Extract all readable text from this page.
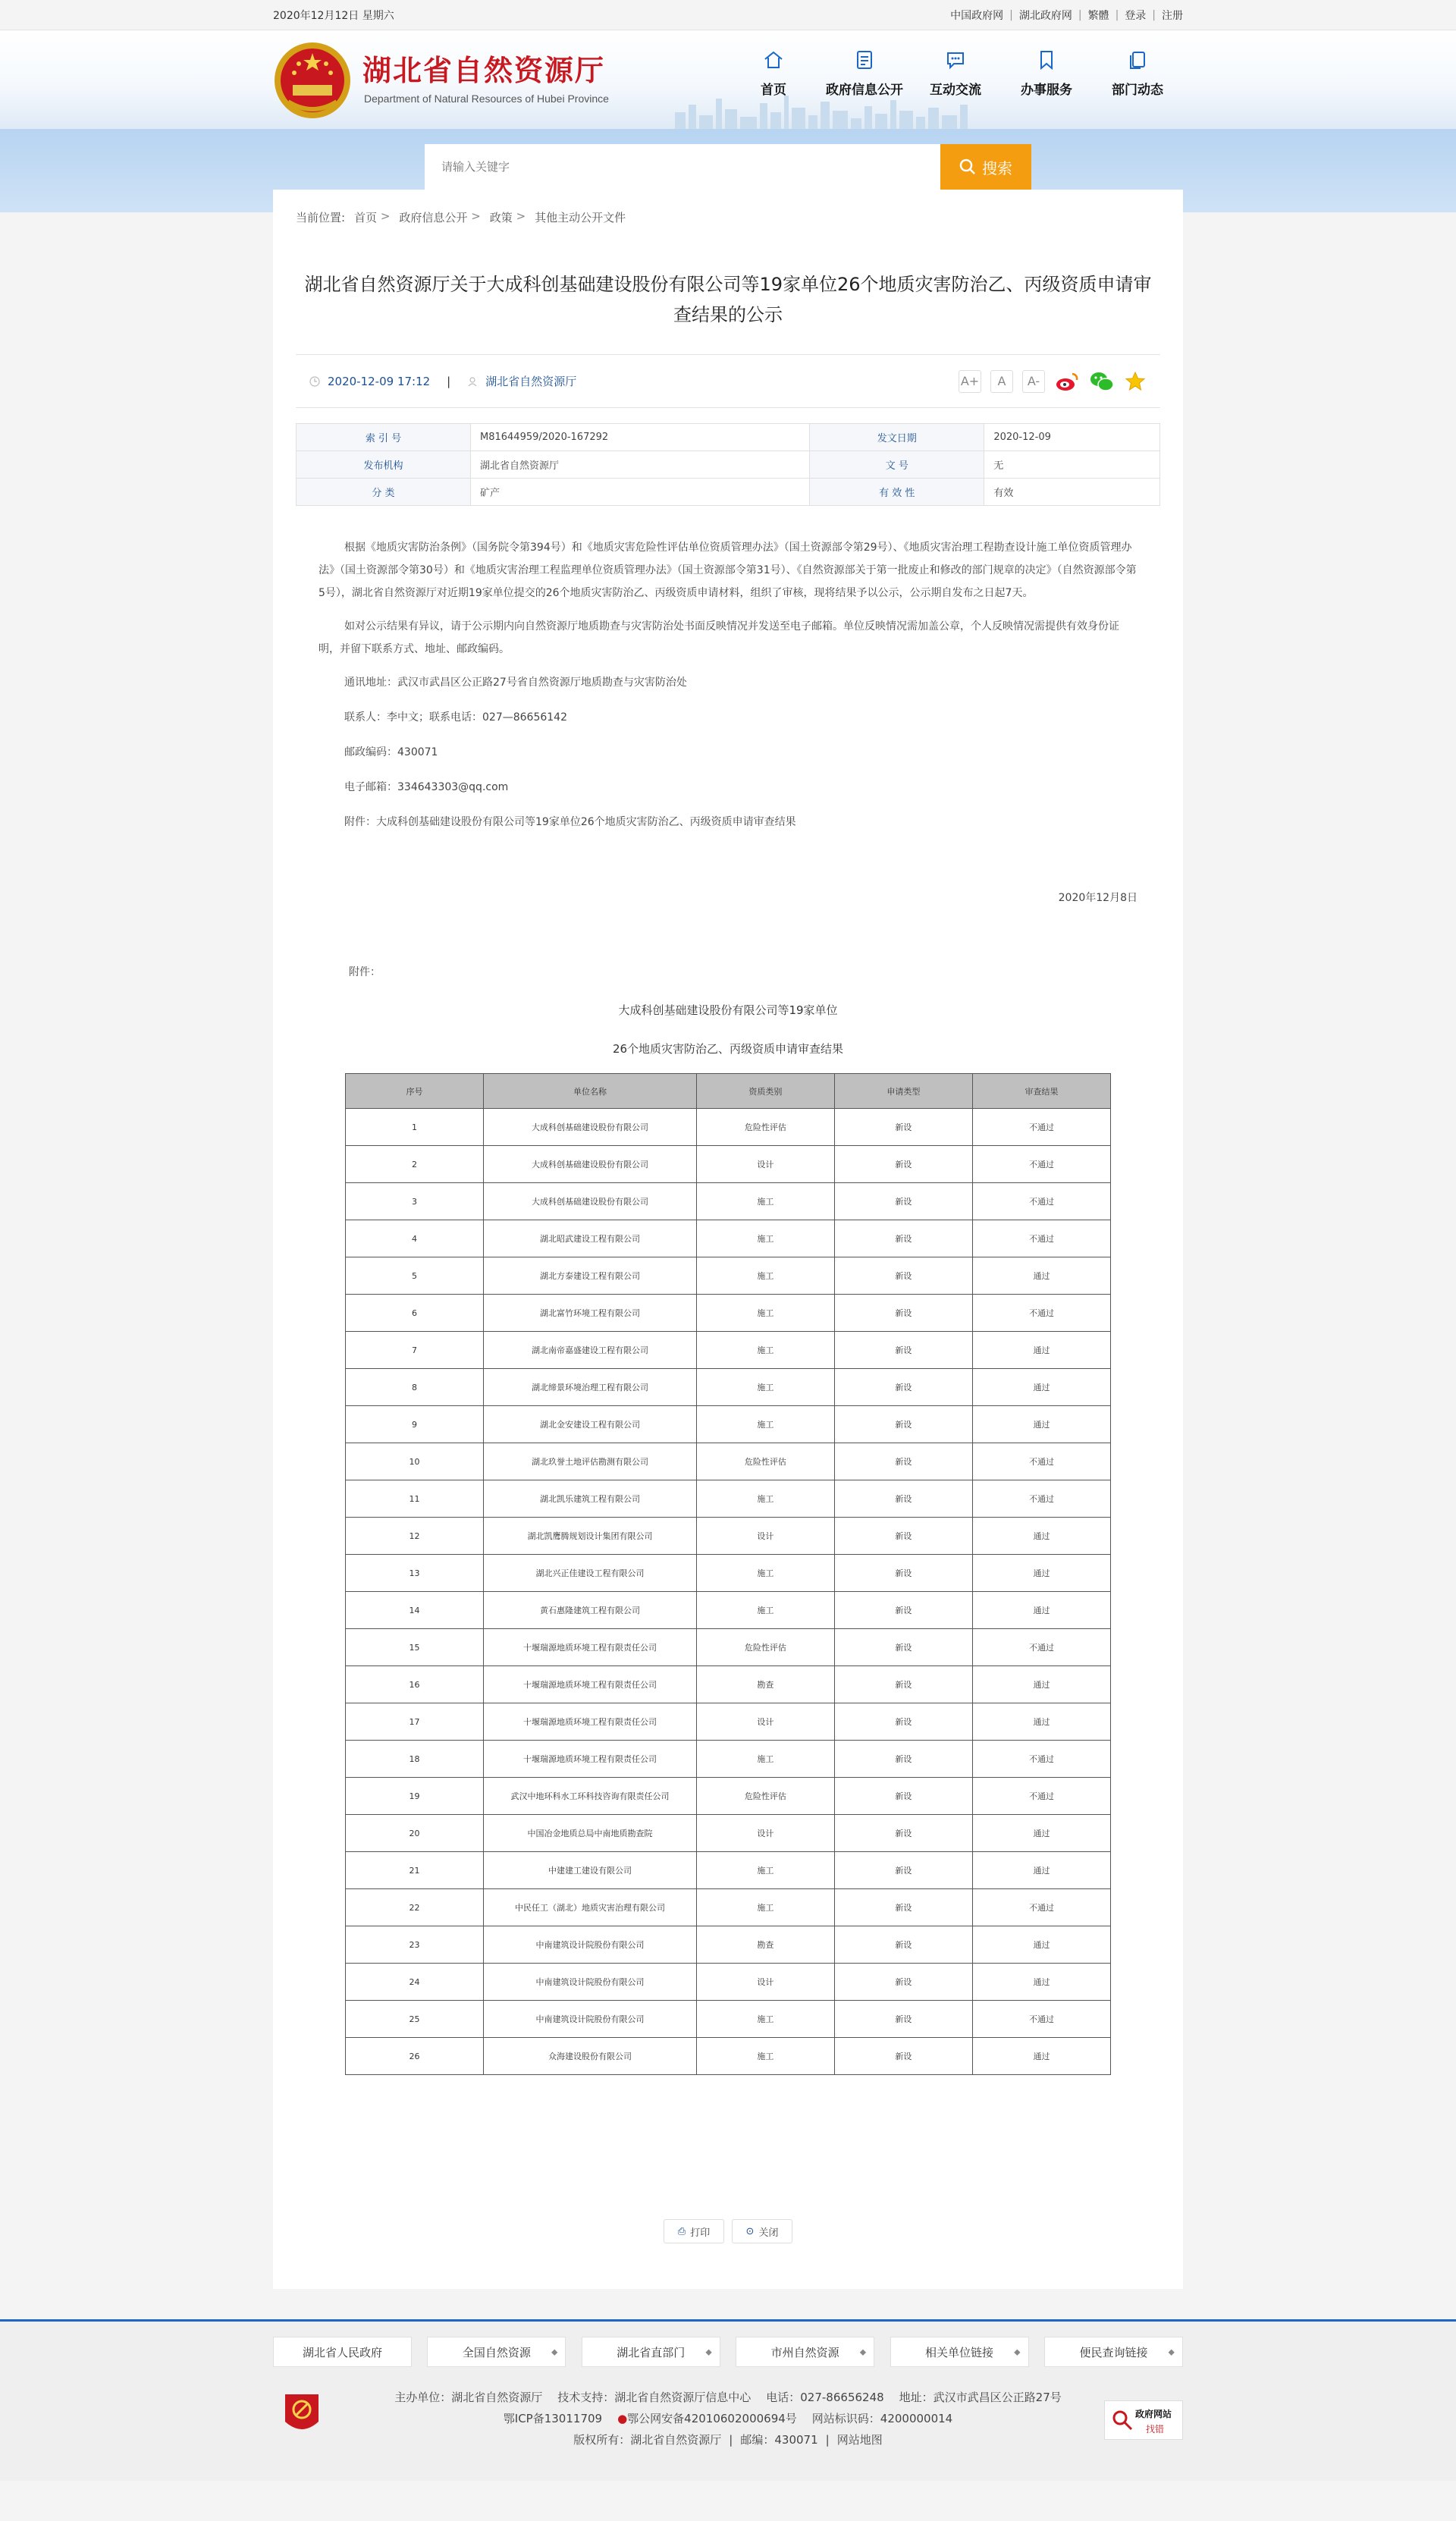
2020年12月12日 星期六	中国政府网 | 湖北政府网 | 繁體 | 登录 | 注册
湖北省自然资源厅
Department of Natural Resources of Hubei Province
首页	政府信息公开	互动交流	办事服务	部门动态
请输入关键字
搜索
当前位置: 首页 > 政府信息公开 > 政策 > 其他主动公开文件
湖北省自然资源厅关于大成科创基础建设股份有限公司等19家单位26个地质灾害防治乙、丙级资质申请审查结果的公示
2020-12-09 17:12 |	湖北省自然资源厅	A+	A	A-
索 引 号	M81644959/2020-167292	发文日期	2020-12-09
发布机构	湖北省自然资源厅	文 号	无
分 类	矿产	有 效 性	有效

根据《地质灾害防治条例》（国务院令第394号）和《地质灾害危险性评估单位资质管理办法》（国土资源部令第29号）、《地质灾害治理工程勘查设计施工单位资质管理办法》（国土资源部令第30号）和《地质灾害治理工程监理单位资质管理办法》（国土资源部令第31号）、《自然资源部关于第一批废止和修改的部门规章的决定》（自然资源部令第5号），湖北省自然资源厅对近期19家单位提交的26个地质灾害防治乙、丙级资质申请材料，组织了审核，现将结果予以公示，公示期自发布之日起7天。

如对公示结果有异议，请于公示期内向自然资源厅地质勘查与灾害防治处书面反映情况并发送至电子邮箱。单位反映情况需加盖公章，个人反映情况需提供有效身份证明，并留下联系方式、地址、邮政编码。

通讯地址：武汉市武昌区公正路27号省自然资源厅地质勘查与灾害防治处

联系人：李中文；联系电话：027—86656142

邮政编码：430071

电子邮箱：334643303@qq.com

附件：大成科创基础建设股份有限公司等19家单位26个地质灾害防治乙、丙级资质申请审查结果

2020年12月8日
附件：
大成科创基础建设股份有限公司等19家单位
26个地质灾害防治乙、丙级资质申请审查结果
序号	单位名称	资质类别	申请类型	审查结果
1	大成科创基础建设股份有限公司	危险性评估	新设	不通过
2	大成科创基础建设股份有限公司	设计	新设	不通过
3	大成科创基础建设股份有限公司	施工	新设	不通过
4	湖北昭武建设工程有限公司	施工	新设	不通过
5	湖北方泰建设工程有限公司	施工	新设	通过
6	湖北富竹环境工程有限公司	施工	新设	不通过
7	湖北南帝嘉盛建设工程有限公司	施工	新设	通过
8	湖北缔景环境治理工程有限公司	施工	新设	通过
9	湖北金安建设工程有限公司	施工	新设	通过
10	湖北玖誉土地评估勘测有限公司	危险性评估	新设	不通过
11	湖北凯乐建筑工程有限公司	施工	新设	不通过
12	湖北凯鹰腾规划设计集团有限公司	设计	新设	通过
13	湖北兴正佳建设工程有限公司	施工	新设	通过
14	黄石惠隆建筑工程有限公司	施工	新设	通过
15	十堰瑞源地质环境工程有限责任公司	危险性评估	新设	不通过
16	十堰瑞源地质环境工程有限责任公司	勘查	新设	通过
17	十堰瑞源地质环境工程有限责任公司	设计	新设	通过
18	十堰瑞源地质环境工程有限责任公司	施工	新设	不通过
19	武汉中地环科水工环科技咨询有限责任公司	危险性评估	新设	不通过
20	中国冶金地质总局中南地质勘查院	设计	新设	通过
21	中建建工建设有限公司	施工	新设	通过
22	中民任工（湖北）地质灾害治理有限公司	施工	新设	不通过
23	中南建筑设计院股份有限公司	勘查	新设	通过
24	中南建筑设计院股份有限公司	设计	新设	通过
25	中南建筑设计院股份有限公司	施工	新设	不通过
26	众海建设股份有限公司	施工	新设	通过
⎙ 打印	⊙ 关闭
湖北省人民政府	全国自然资源 ⬥	湖北省直部门 ⬥	市州自然资源 ⬥	相关单位链接 ⬥	便民查询链接 ⬥
主办单位：湖北省自然资源厅 技术支持：湖北省自然资源厅信息中心 电话：027-86656248 地址：武汉市武昌区公正路27号
鄂ICP备13011709 ●鄂公网安备42010602000694号 网站标识码：4200000014
版权所有：湖北省自然资源厅 | 邮编：430071 | 网站地图
政府网站
找错
